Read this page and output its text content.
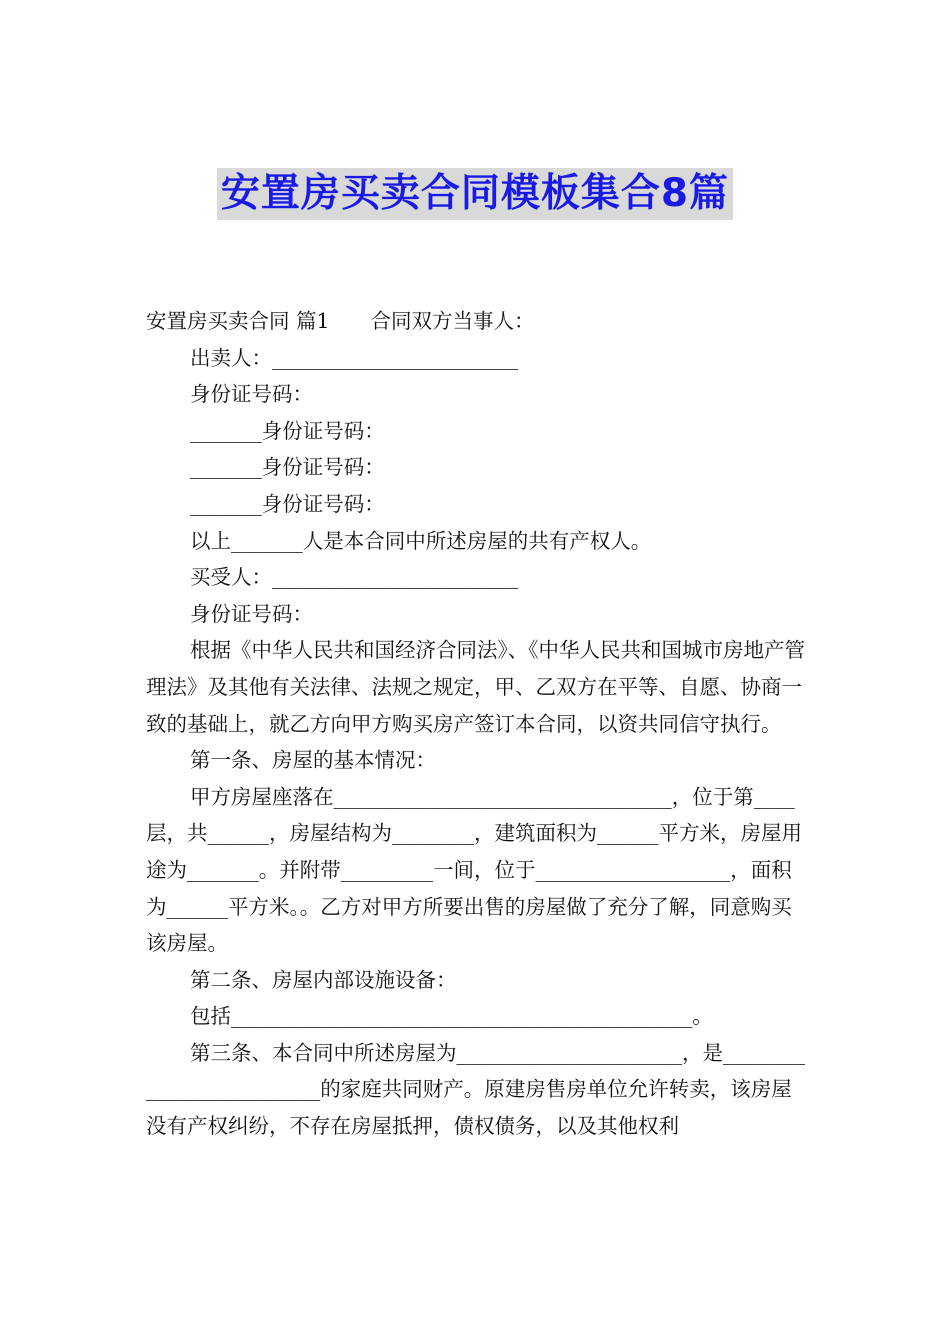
安置房买卖合同模板集合8篇

安置房买卖合同 篇1　　合同双方当事人：

出卖人：________________________

身份证号码：

_______身份证号码：

_______身份证号码：

_______身份证号码：

以上_______人是本合同中所述房屋的共有产权人。

买受人：________________________

身份证号码：

根据《中华人民共和国经济合同法》、《中华人民共和国城市房地产管理法》及其他有关法律、法规之规定，甲、乙双方在平等、自愿、协商一致的基础上，就乙方向甲方购买房产签订本合同，以资共同信守执行。

第一条、房屋的基本情况：

甲方房屋座落在_________________________________，位于第____层，共______，房屋结构为________，建筑面积为______平方米，房屋用途为_______。并附带_________一间，位于___________________，面积为______平方米。。乙方对甲方所要出售的房屋做了充分了解，同意购买该房屋。

第二条、房屋内部设施设备：

包括_____________________________________________。

第三条、本合同中所述房屋为______________________，是_________________________的家庭共同财产。原建房售房单位允许转卖，该房屋没有产权纠纷，不存在房屋抵押，债权债务，以及其他权利
